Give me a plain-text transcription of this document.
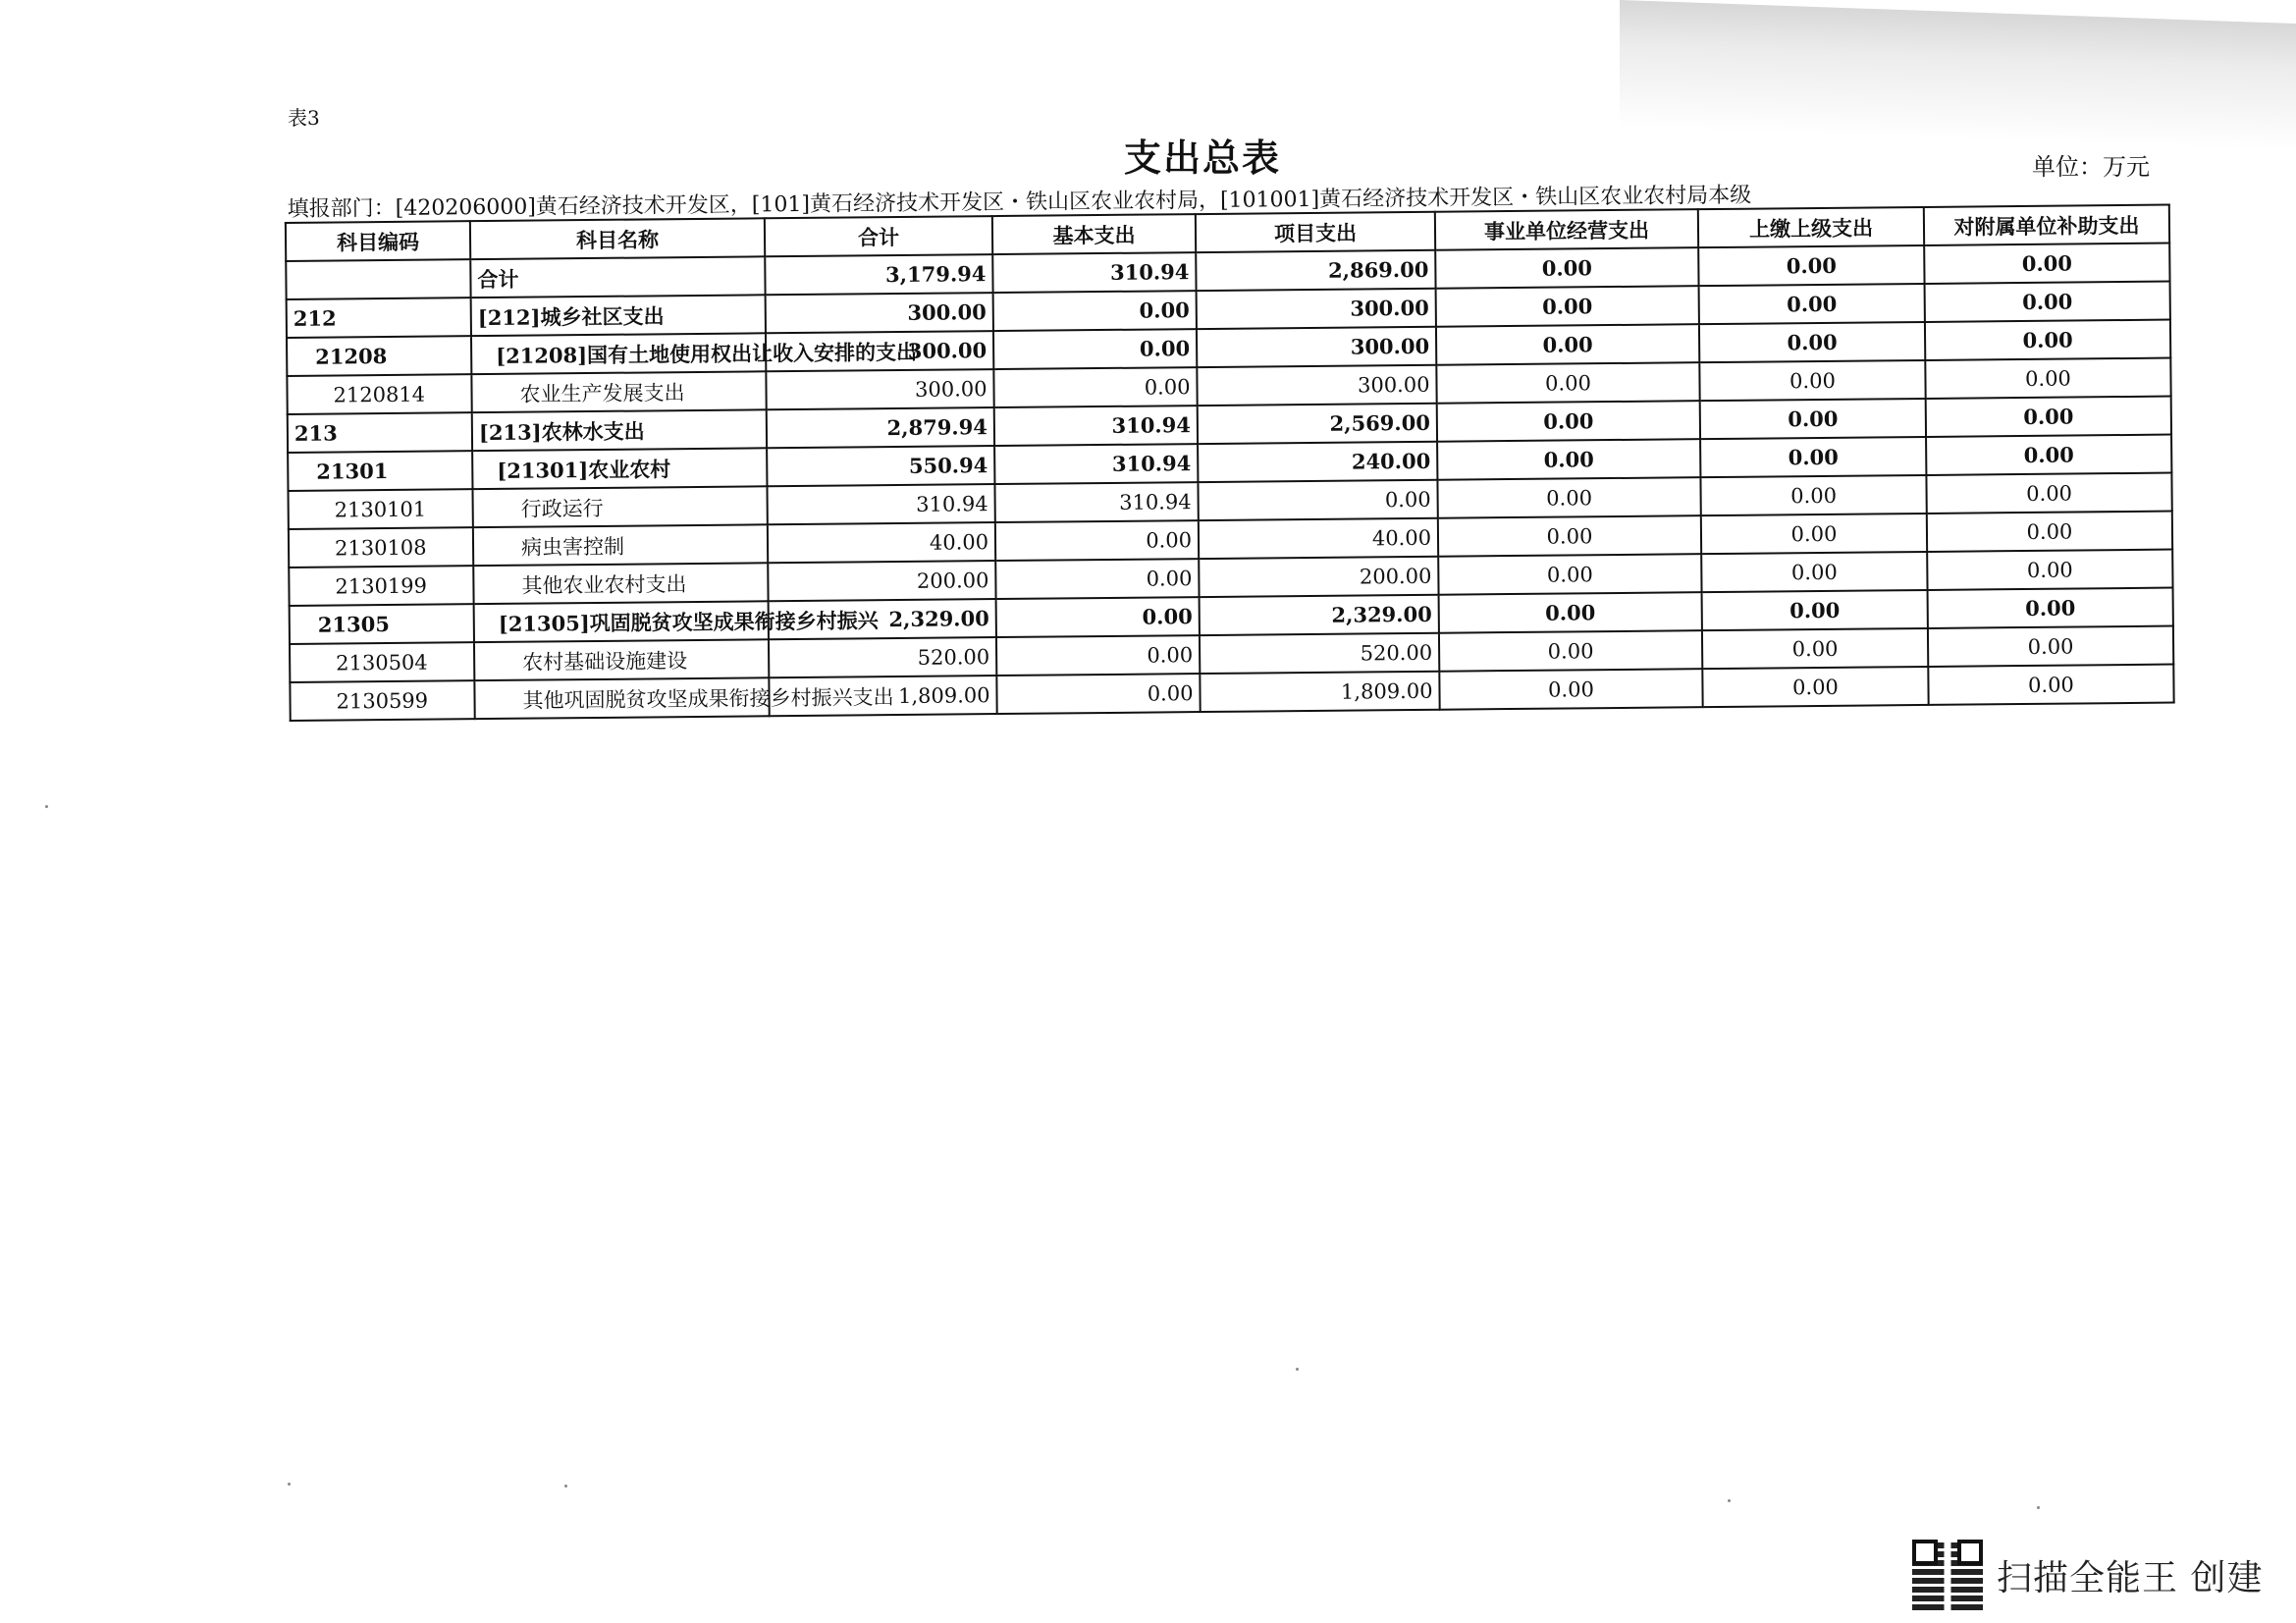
表3
支出总表	单位：万元
填报部门：[420206000]黄石经济技术开发区，[101]黄石经济技术开发区・铁山区农业农村局，[101001]黄石经济技术开发区・铁山区农业农村局本级
科目编码	科目名称	合计	基本支出	项目支出	事业单位经营支出	上缴上级支出	对附属单位补助支出
	合计	3,179.94	310.94	2,869.00	0.00	0.00	0.00
212	[212]城乡社区支出	300.00	0.00	300.00	0.00	0.00	0.00
21208	[21208]国有土地使用权出让收入安排的支出	300.00	0.00	300.00	0.00	0.00	0.00
2120814	农业生产发展支出	300.00	0.00	300.00	0.00	0.00	0.00
213	[213]农林水支出	2,879.94	310.94	2,569.00	0.00	0.00	0.00
21301	[21301]农业农村	550.94	310.94	240.00	0.00	0.00	0.00
2130101	行政运行	310.94	310.94	0.00	0.00	0.00	0.00
2130108	病虫害控制	40.00	0.00	40.00	0.00	0.00	0.00
2130199	其他农业农村支出	200.00	0.00	200.00	0.00	0.00	0.00
21305	[21305]巩固脱贫攻坚成果衔接乡村振兴	2,329.00	0.00	2,329.00	0.00	0.00	0.00
2130504	农村基础设施建设	520.00	0.00	520.00	0.00	0.00	0.00
2130599	其他巩固脱贫攻坚成果衔接乡村振兴支出	1,809.00	0.00	1,809.00	0.00	0.00	0.00
扫描全能王 创建
